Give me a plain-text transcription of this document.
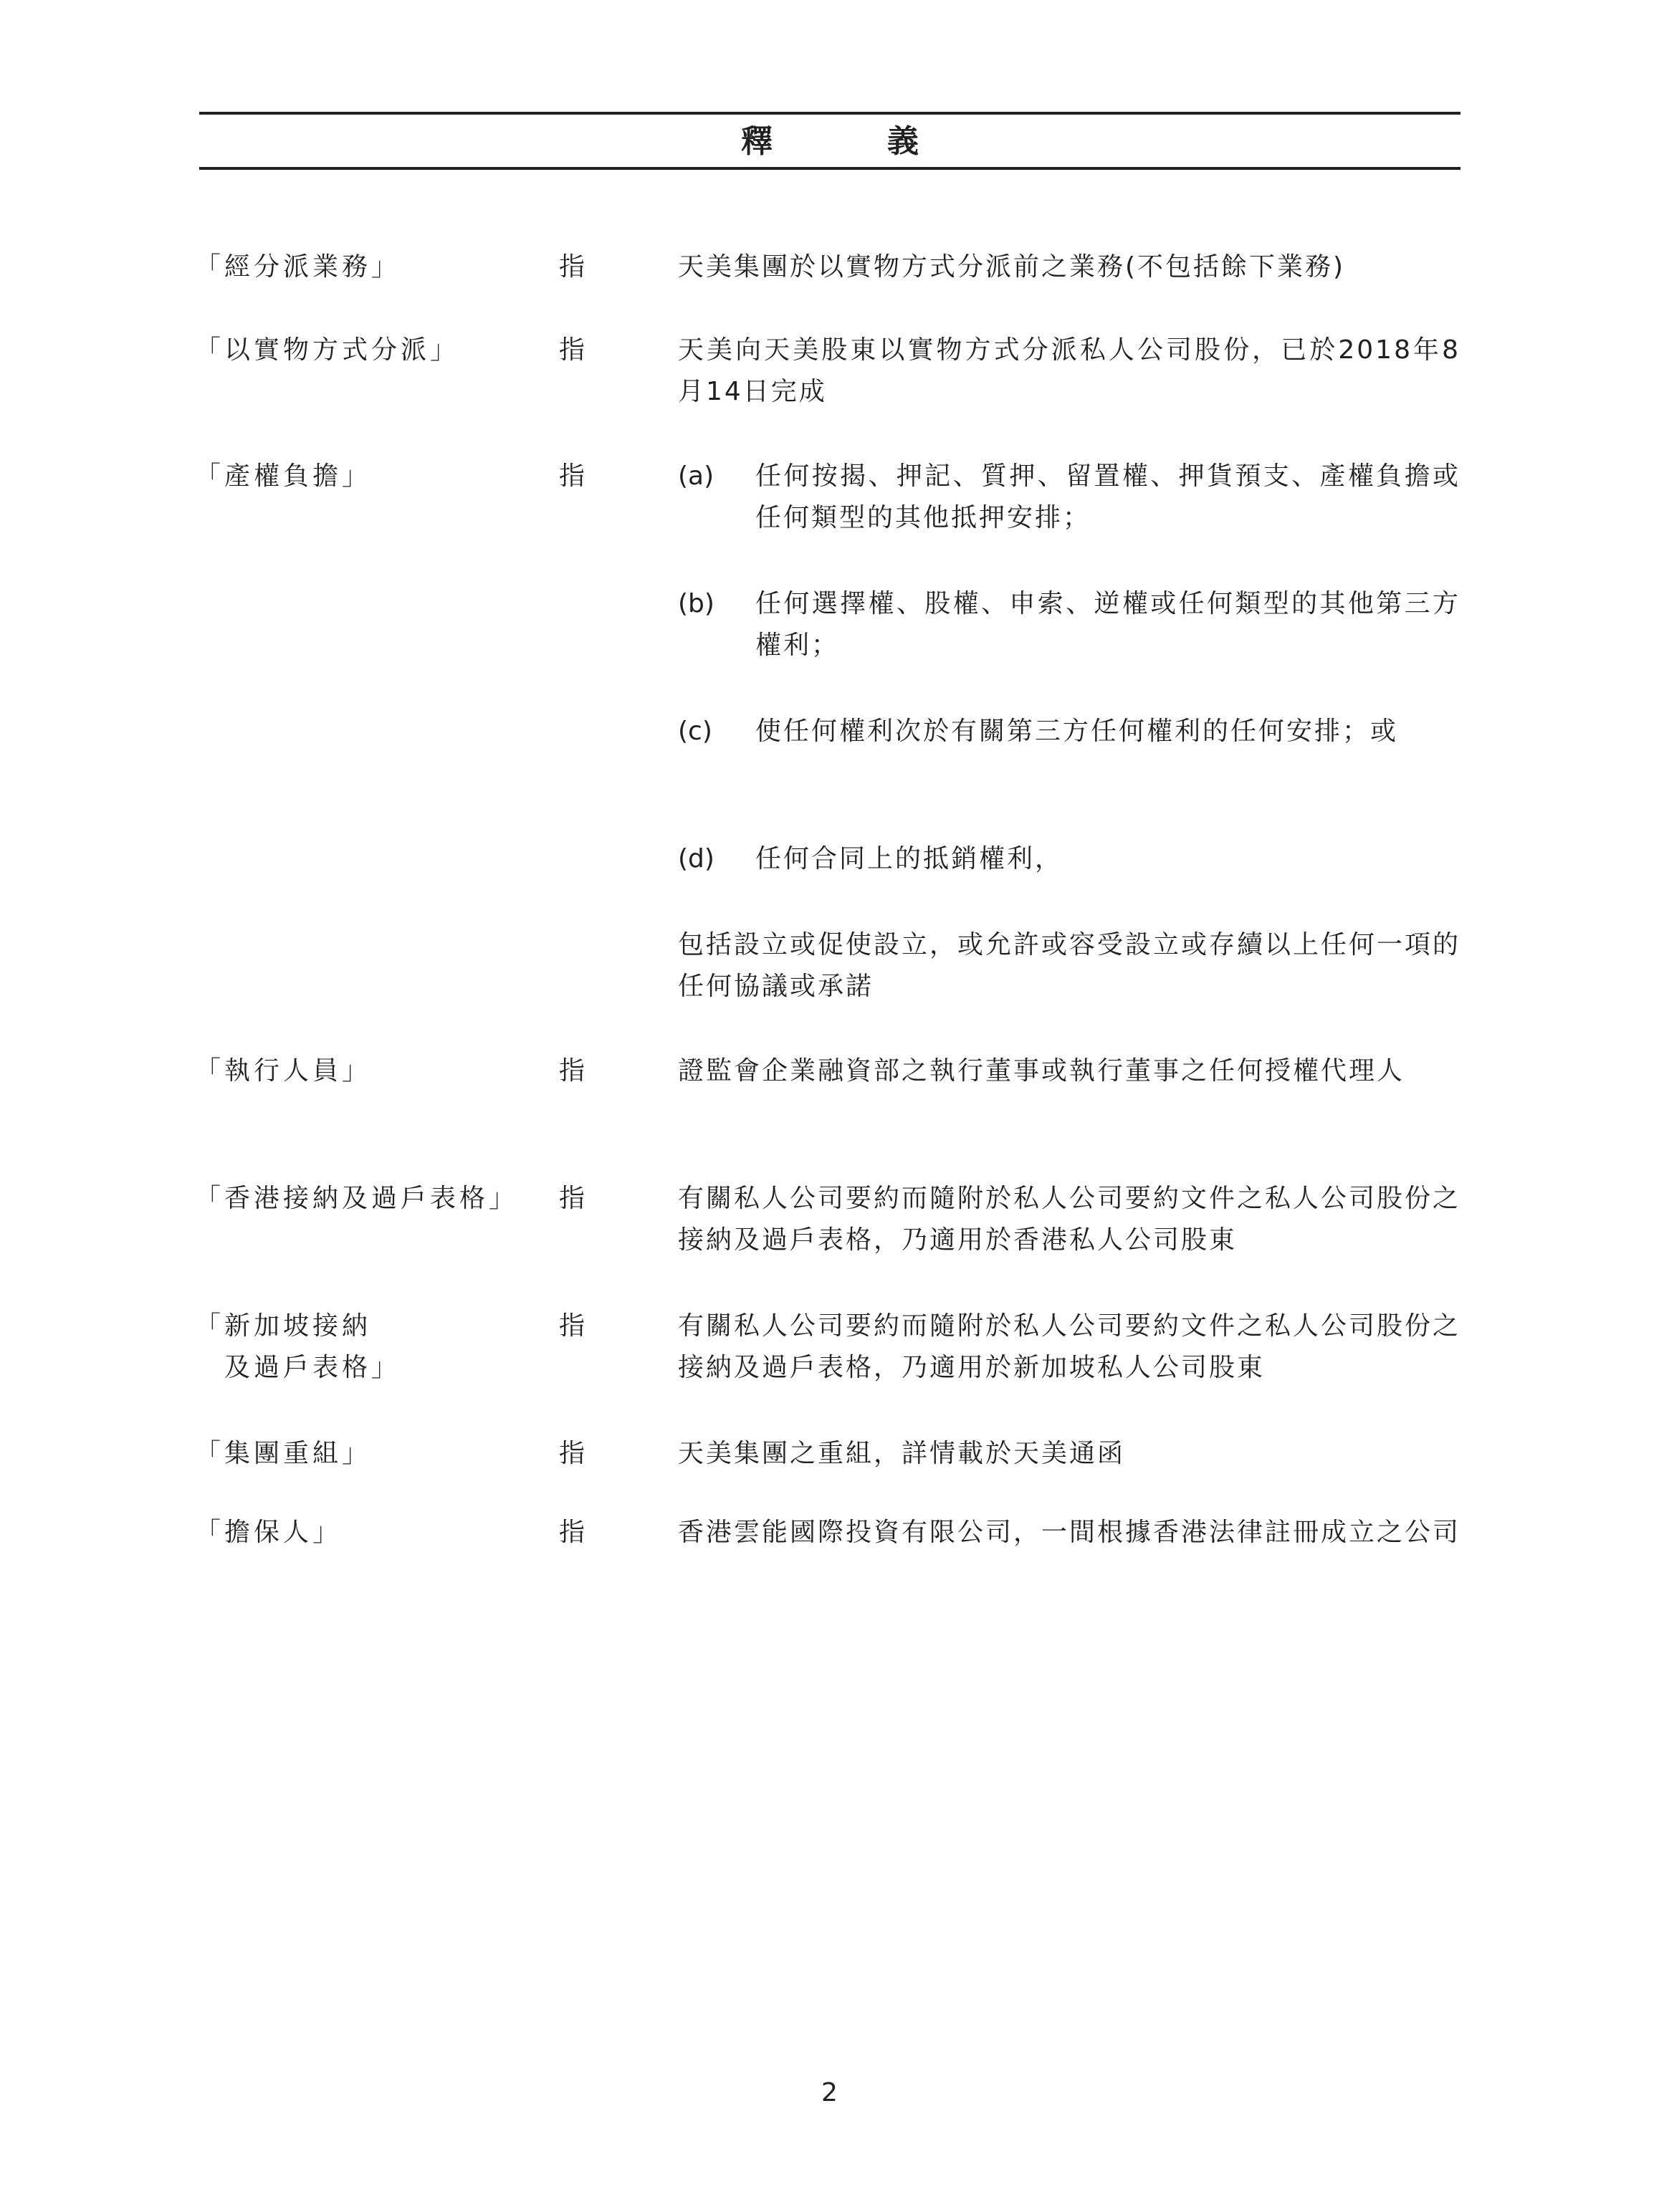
釋　義
「經分派業務」	指	天美集團於以實物方式分派前之業務(不包括餘下業務)
「以實物方式分派」	指	天美向天美股東以實物方式分派私人公司股份，已於2018年8月14日完成
「產權負擔」	指	(a) 任何按揭、押記、質押、留置權、押貨預支、產權負擔或任何類型的其他抵押安排；
(b) 任何選擇權、股權、申索、逆權或任何類型的其他第三方權利；
(c) 使任何權利次於有關第三方任何權利的任何安排；或
(d) 任何合同上的抵銷權利，
包括設立或促使設立，或允許或容受設立或存續以上任何一項的任何協議或承諾
「執行人員」	指	證監會企業融資部之執行董事或執行董事之任何授權代理人
「香港接納及過戶表格」	指	有關私人公司要約而隨附於私人公司要約文件之私人公司股份之接納及過戶表格，乃適用於香港私人公司股東
「新加坡接納
　及過戶表格」
指	有關私人公司要約而隨附於私人公司要約文件之私人公司股份之接納及過戶表格，乃適用於新加坡私人公司股東
「集團重組」	指	天美集團之重組，詳情載於天美通函
「擔保人」	指	香港雲能國際投資有限公司，一間根據香港法律註冊成立之公司
2
